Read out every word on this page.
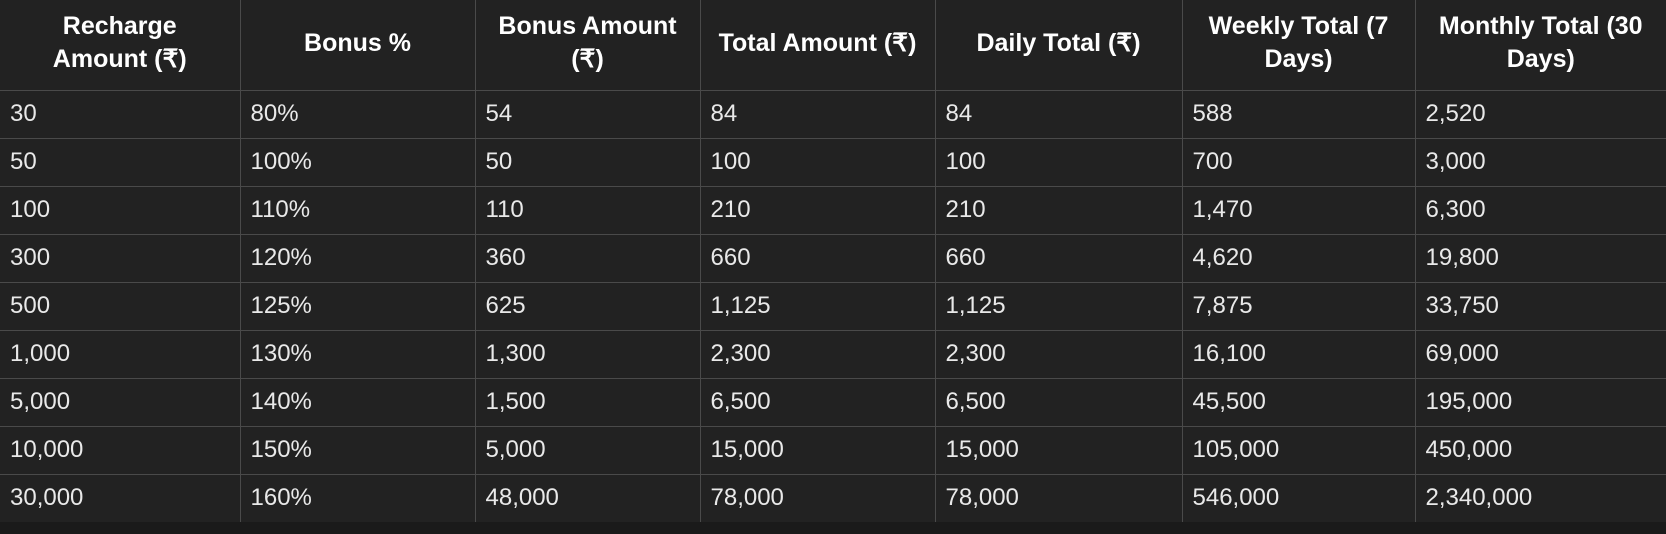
Recharge Amount (₹)	Bonus %	Bonus Amount (₹)	Total Amount (₹)	Daily Total (₹)	Weekly Total (7 Days)	Monthly Total (30 Days)
30	80%	54	84	84	588	2,520
50	100%	50	100	100	700	3,000
100	110%	110	210	210	1,470	6,300
300	120%	360	660	660	4,620	19,800
500	125%	625	1,125	1,125	7,875	33,750
1,000	130%	1,300	2,300	2,300	16,100	69,000
5,000	140%	1,500	6,500	6,500	45,500	195,000
10,000	150%	5,000	15,000	15,000	105,000	450,000
30,000	160%	48,000	78,000	78,000	546,000	2,340,000
